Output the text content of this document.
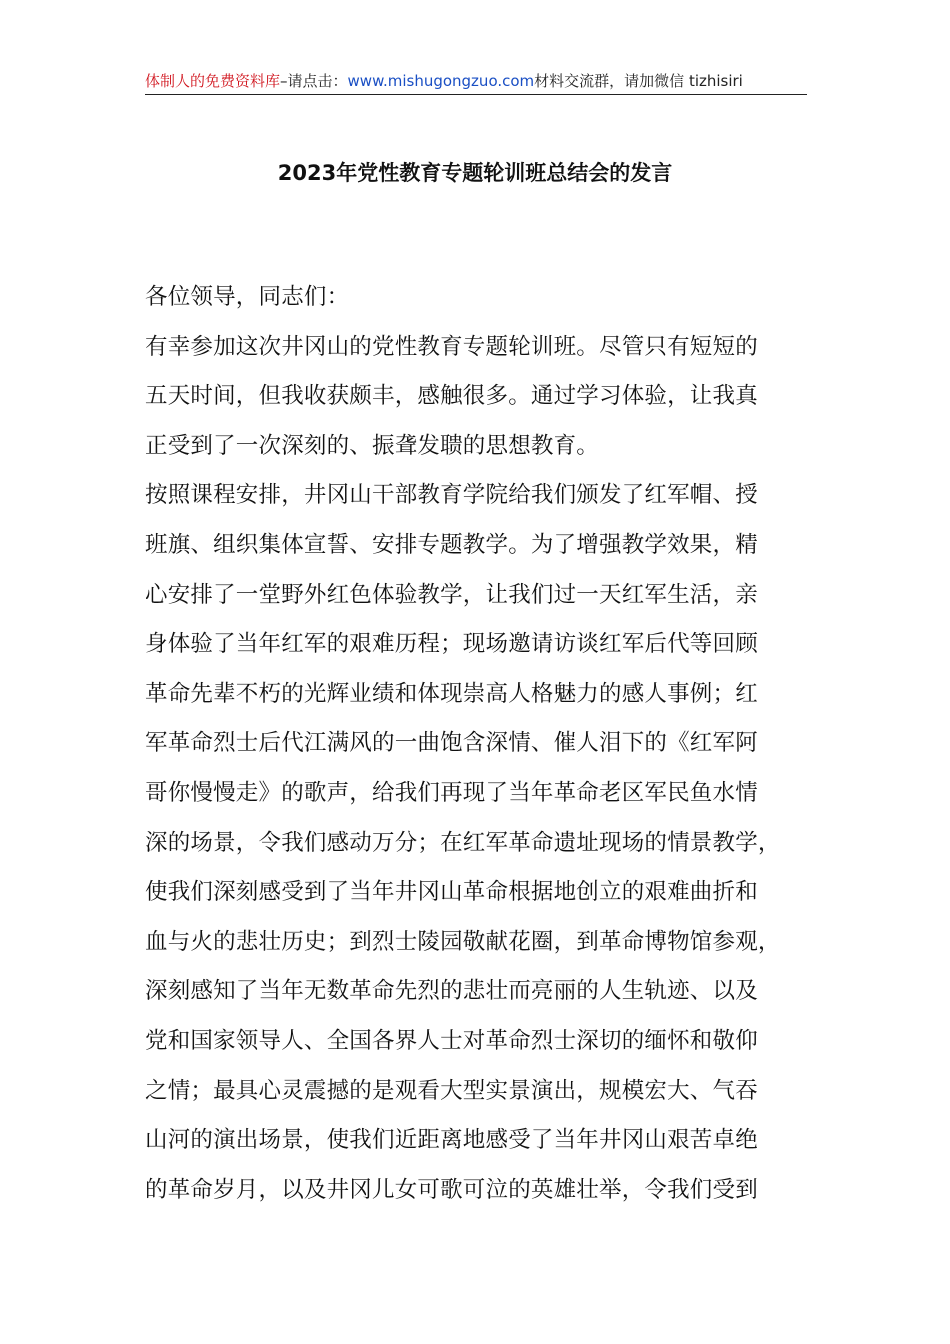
体制人的免费资料库–请点击：www.mishugongzuo.com材料交流群，请加微信 tizhisiri
2023年党性教育专题轮训班总结会的发言
各位领导，同志们：
有幸参加这次井冈山的党性教育专题轮训班。尽管只有短短的
五天时间，但我收获颇丰，感触很多。通过学习体验，让我真
正受到了一次深刻的、振聋发聩的思想教育。
按照课程安排，井冈山干部教育学院给我们颁发了红军帽、授
班旗、组织集体宣誓、安排专题教学。为了增强教学效果，精
心安排了一堂野外红色体验教学，让我们过一天红军生活，亲
身体验了当年红军的艰难历程；现场邀请访谈红军后代等回顾
革命先辈不朽的光辉业绩和体现崇高人格魅力的感人事例；红
军革命烈士后代江满风的一曲饱含深情、催人泪下的《红军阿
哥你慢慢走》的歌声，给我们再现了当年革命老区军民鱼水情
深的场景，令我们感动万分；在红军革命遗址现场的情景教学，
使我们深刻感受到了当年井冈山革命根据地创立的艰难曲折和
血与火的悲壮历史；到烈士陵园敬献花圈，到革命博物馆参观，
深刻感知了当年无数革命先烈的悲壮而亮丽的人生轨迹、以及
党和国家领导人、全国各界人士对革命烈士深切的缅怀和敬仰
之情；最具心灵震撼的是观看大型实景演出，规模宏大、气吞
山河的演出场景，使我们近距离地感受了当年井冈山艰苦卓绝
的革命岁月，以及井冈儿女可歌可泣的英雄壮举，令我们受到
